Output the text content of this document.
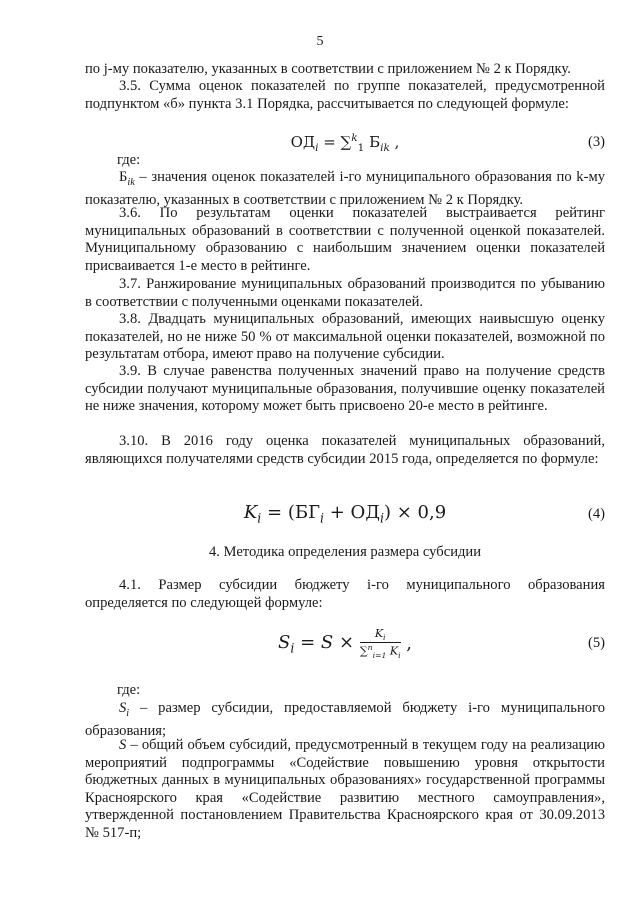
5
по j-му показателю, указанных в соответствии с приложением № 2 к Порядку.
3.5. Сумма оценок показателей по группе показателей, предусмотренной подпунктом «б» пункта 3.1 Порядка, рассчитывается по следующей формуле:
$ОД_i = \sum^k_1$ $Б_{ik}$ ,	(3)
где:
$Б_{ik}$ – значения оценок показателей i-го муниципального образования по k-му показателю, указанных в соответствии с приложением № 2 к Порядку.
3.6. По результатам оценки показателей выстраивается рейтинг муниципальных образований в соответствии с полученной оценкой показателей. Муниципальному образованию с наибольшим значением оценки показателей присваивается 1-е место в рейтинге.
3.7. Ранжирование муниципальных образований производится по убыванию в соответствии с полученными оценками показателей.
3.8. Двадцать муниципальных образований, имеющих наивысшую оценку показателей, но не ниже 50 % от максимальной оценки показателей, возможной по результатам отбора, имеют право на получение субсидии.
3.9. В случае равенства полученных значений право на получение средств субсидии получают муниципальные образования, получившие оценку показателей не ниже значения, которому может быть присвоено 20-е место в рейтинге.
3.10. В 2016 году оценка показателей муниципальных образований, являющихся получателями средств субсидии 2015 года, определяется по формуле:
$K_i = (БГ_i + ОД_i) \times 0,9$	(4)
4. Методика определения размера субсидии
4.1. Размер субсидии бюджету i-го муниципального образования определяется по следующей формуле:
$S_i = S \times \frac{K_i}{\sum^n_{i=1} K_i}$ ,	(5)
где:
$S_i$ – размер субсидии, предоставляемой бюджету i-го муниципального образования;
S – общий объем субсидий, предусмотренный в текущем году на реализацию мероприятий подпрограммы «Содействие повышению уровня открытости бюджетных данных в муниципальных образованиях» государственной программы Красноярского края «Содействие развитию местного самоуправления», утвержденной постановлением Правительства Красноярского края от 30.09.2013 № 517-п;
